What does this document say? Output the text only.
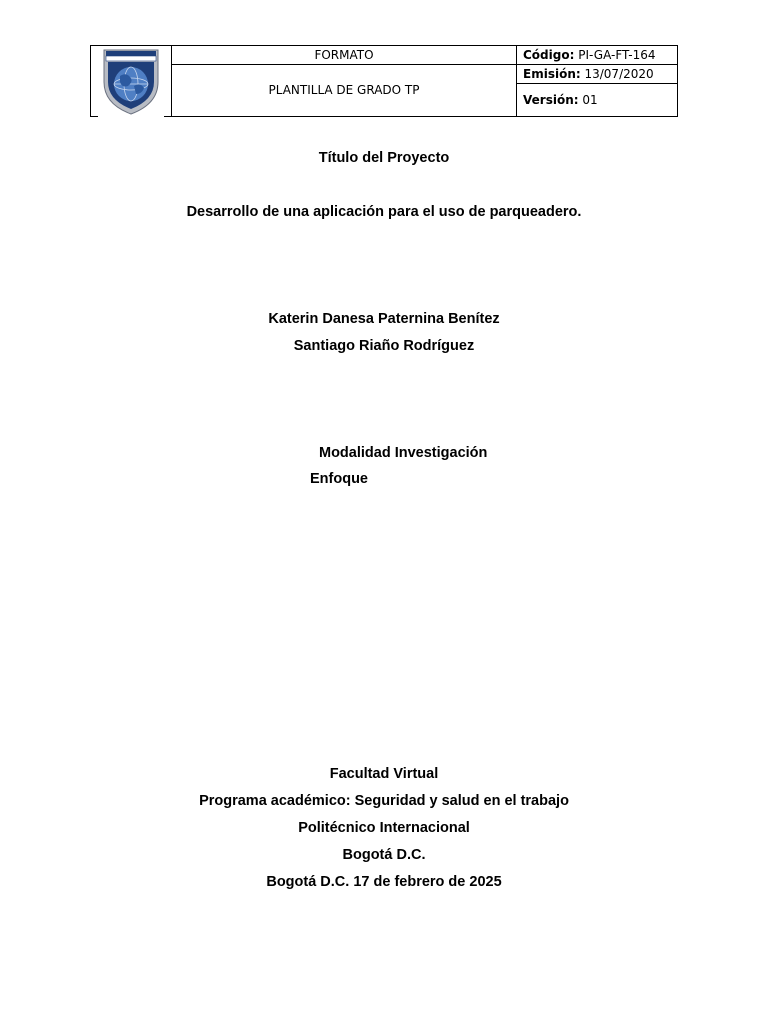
	FORMATO	Código: PI-GA-FT-164
	PLANTILLA DE GRADO TP	Emisión: 13/07/2020
		Versión: 01
Título del Proyecto
Desarrollo de una aplicación para el uso de parqueadero.
Katerin Danesa Paternina Benítez
Santiago Riaño Rodríguez
Modalidad Investigación
Enfoque
Facultad Virtual
Programa académico: Seguridad y salud en el trabajo
Politécnico Internacional
Bogotá D.C.
Bogotá D.C. 17 de febrero de 2025
